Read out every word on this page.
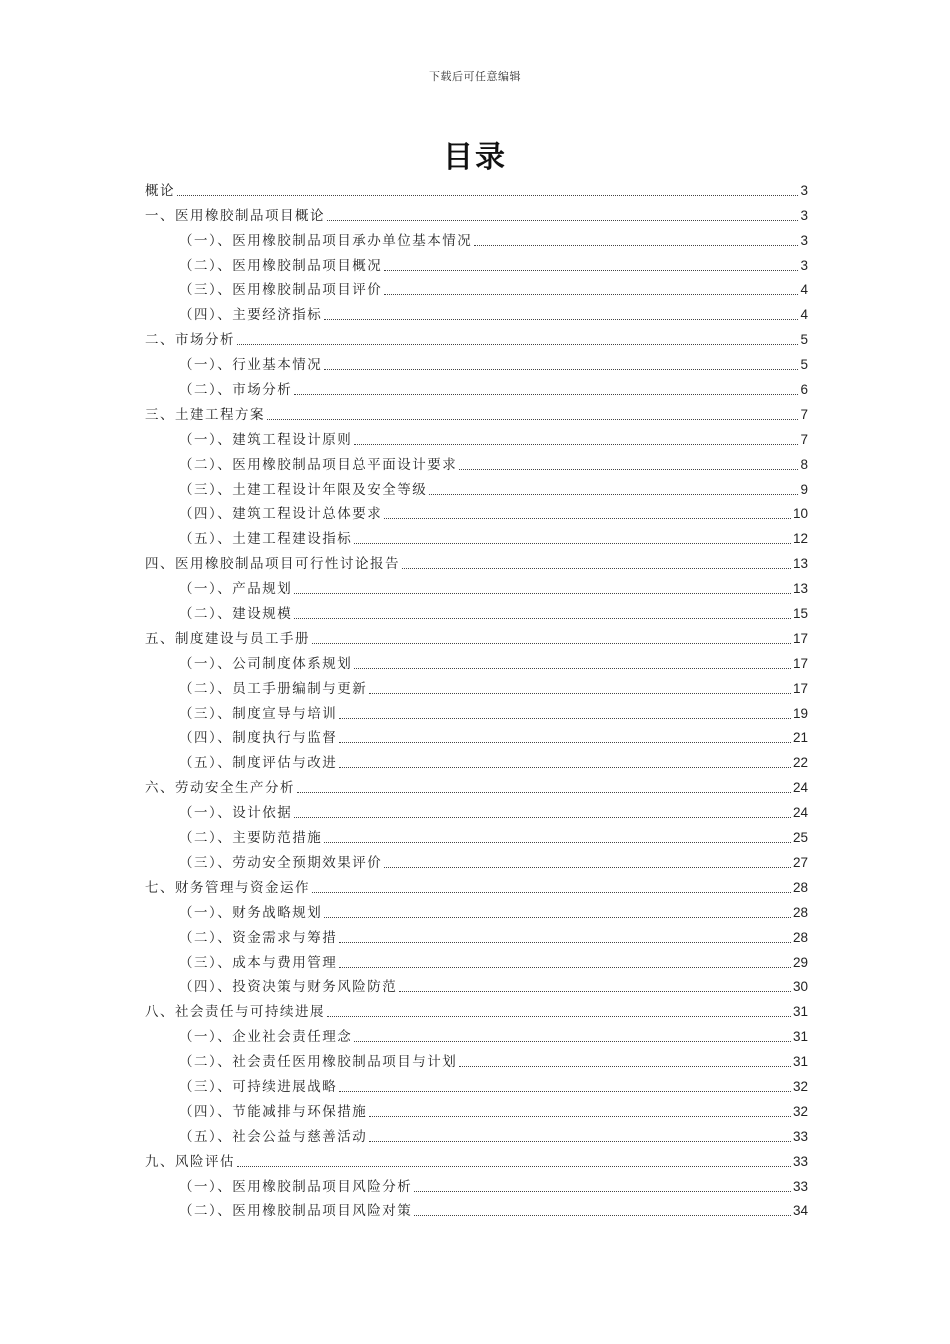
下载后可任意编辑
目录
概论	3
一、医用橡胶制品项目概论	3
（一）、医用橡胶制品项目承办单位基本情况	3
（二）、医用橡胶制品项目概况	3
（三）、医用橡胶制品项目评价	4
（四）、主要经济指标	4
二、市场分析	5
（一）、行业基本情况	5
（二）、市场分析	6
三、土建工程方案	7
（一）、建筑工程设计原则	7
（二）、医用橡胶制品项目总平面设计要求	8
（三）、土建工程设计年限及安全等级	9
（四）、建筑工程设计总体要求	10
（五）、土建工程建设指标	12
四、医用橡胶制品项目可行性讨论报告	13
（一）、产品规划	13
（二）、建设规模	15
五、制度建设与员工手册	17
（一）、公司制度体系规划	17
（二）、员工手册编制与更新	17
（三）、制度宣导与培训	19
（四）、制度执行与监督	21
（五）、制度评估与改进	22
六、劳动安全生产分析	24
（一）、设计依据	24
（二）、主要防范措施	25
（三）、劳动安全预期效果评价	27
七、财务管理与资金运作	28
（一）、财务战略规划	28
（二）、资金需求与筹措	28
（三）、成本与费用管理	29
（四）、投资决策与财务风险防范	30
八、社会责任与可持续进展	31
（一）、企业社会责任理念	31
（二）、社会责任医用橡胶制品项目与计划	31
（三）、可持续进展战略	32
（四）、节能减排与环保措施	32
（五）、社会公益与慈善活动	33
九、风险评估	33
（一）、医用橡胶制品项目风险分析	33
（二）、医用橡胶制品项目风险对策	34
